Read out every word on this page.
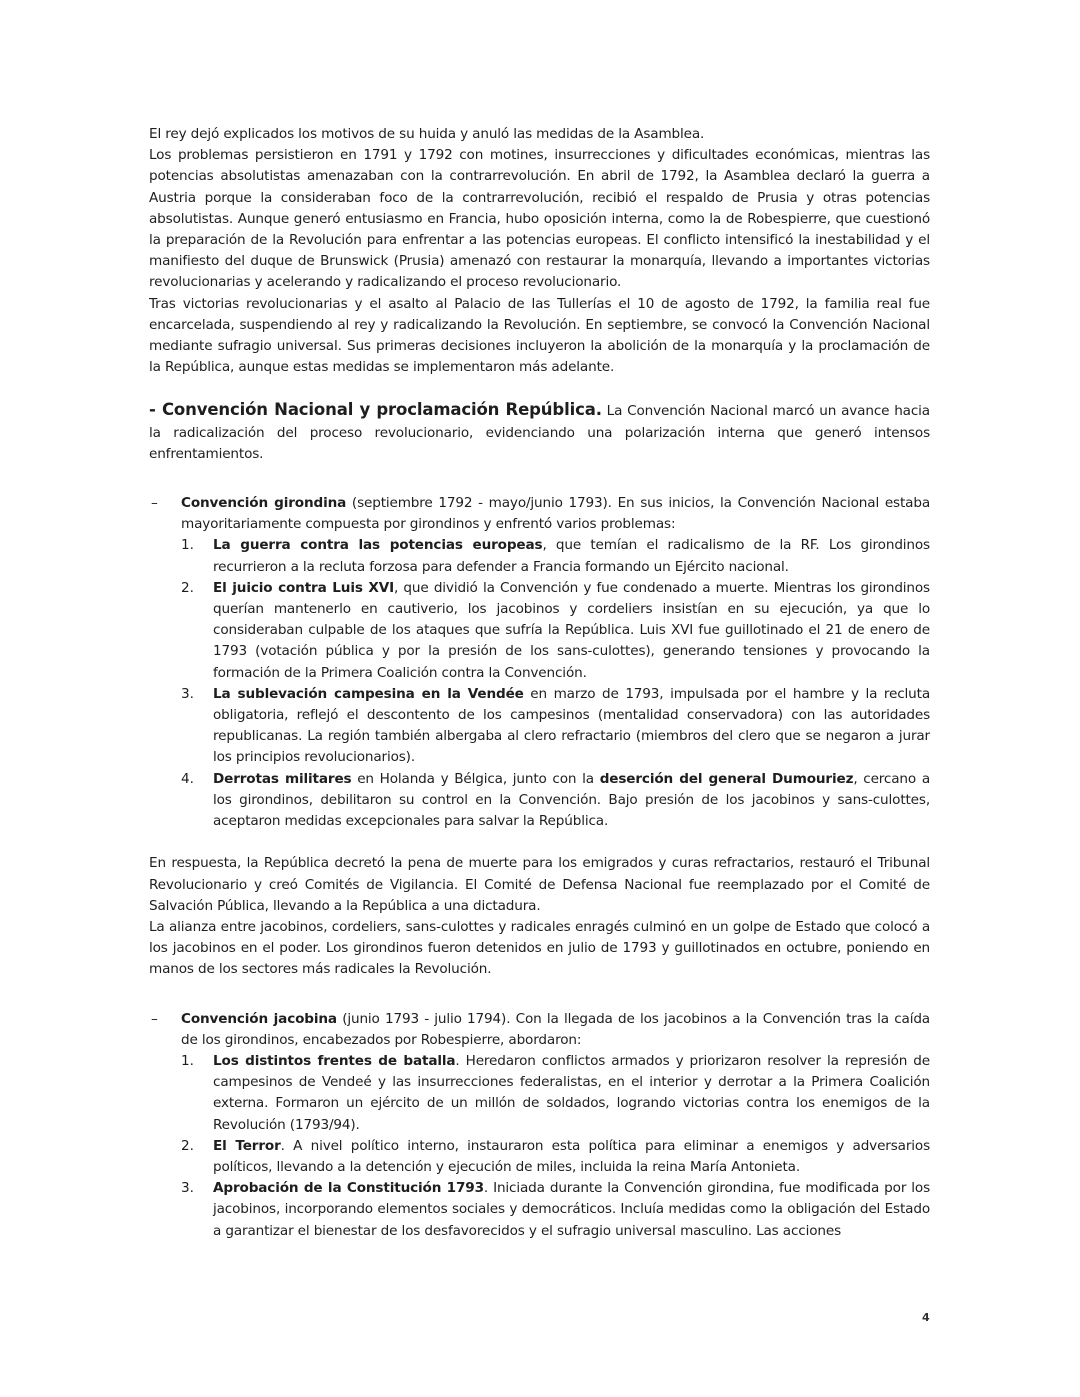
El rey dejó explicados los motivos de su huida y anuló las medidas de la Asamblea.

Los problemas persistieron en 1791 y 1792 con motines, insurrecciones y dificultades económicas, mientras las potencias absolutistas amenazaban con la contrarrevolución. En abril de 1792, la Asamblea declaró la guerra a Austria porque la consideraban foco de la contrarrevolución, recibió el respaldo de Prusia y otras potencias absolutistas. Aunque generó entusiasmo en Francia, hubo oposición interna, como la de Robespierre, que cuestionó la preparación de la Revolución para enfrentar a las potencias europeas. El conflicto intensificó la inestabilidad y el manifiesto del duque de Brunswick (Prusia) amenazó con restaurar la monarquía, llevando a importantes victorias revolucionarias y acelerando y radicalizando el proceso revolucionario.

Tras victorias revolucionarias y el asalto al Palacio de las Tullerías el 10 de agosto de 1792, la familia real fue encarcelada, suspendiendo al rey y radicalizando la Revolución. En septiembre, se convocó la Convención Nacional mediante sufragio universal. Sus primeras decisiones incluyeron la abolición de la monarquía y la proclamación de la República, aunque estas medidas se implementaron más adelante.

- Convención Nacional y proclamación República. La Convención Nacional marcó un avance hacia la radicalización del proceso revolucionario, evidenciando una polarización interna que generó intensos enfrentamientos.

– Convención girondina (septiembre 1792 - mayo/junio 1793). En sus inicios, la Convención Nacional estaba mayoritariamente compuesta por girondinos y enfrentó varios problemas:

1. La guerra contra las potencias europeas, que temían el radicalismo de la RF. Los girondinos recurrieron a la recluta forzosa para defender a Francia formando un Ejército nacional.

2. El juicio contra Luis XVI, que dividió la Convención y fue condenado a muerte. Mientras los girondinos querían mantenerlo en cautiverio, los jacobinos y cordeliers insistían en su ejecución, ya que lo consideraban culpable de los ataques que sufría la República. Luis XVI fue guillotinado el 21 de enero de 1793 (votación pública y por la presión de los sans-culottes), generando tensiones y provocando la formación de la Primera Coalición contra la Convención.

3. La sublevación campesina en la Vendée en marzo de 1793, impulsada por el hambre y la recluta obligatoria, reflejó el descontento de los campesinos (mentalidad conservadora) con las autoridades republicanas. La región también albergaba al clero refractario (miembros del clero que se negaron a jurar los principios revolucionarios).

4. Derrotas militares en Holanda y Bélgica, junto con la deserción del general Dumouriez, cercano a los girondinos, debilitaron su control en la Convención. Bajo presión de los jacobinos y sans-culottes, aceptaron medidas excepcionales para salvar la República.

En respuesta, la República decretó la pena de muerte para los emigrados y curas refractarios, restauró el Tribunal Revolucionario y creó Comités de Vigilancia. El Comité de Defensa Nacional fue reemplazado por el Comité de Salvación Pública, llevando a la República a una dictadura.

La alianza entre jacobinos, cordeliers, sans-culottes y radicales enragés culminó en un golpe de Estado que colocó a los jacobinos en el poder. Los girondinos fueron detenidos en julio de 1793 y guillotinados en octubre, poniendo en manos de los sectores más radicales la Revolución.

– Convención jacobina (junio 1793 - julio 1794). Con la llegada de los jacobinos a la Convención tras la caída de los girondinos, encabezados por Robespierre, abordaron:

1. Los distintos frentes de batalla. Heredaron conflictos armados y priorizaron resolver la represión de campesinos de Vendeé y las insurrecciones federalistas, en el interior y derrotar a la Primera Coalición externa. Formaron un ejército de un millón de soldados, logrando victorias contra los enemigos de la Revolución (1793/94).

2. El Terror. A nivel político interno, instauraron esta política para eliminar a enemigos y adversarios políticos, llevando a la detención y ejecución de miles, incluida la reina María Antonieta.

3. Aprobación de la Constitución 1793. Iniciada durante la Convención girondina, fue modificada por los jacobinos, incorporando elementos sociales y democráticos. Incluía medidas como la obligación del Estado a garantizar el bienestar de los desfavorecidos y el sufragio universal masculino. Las acciones

4
